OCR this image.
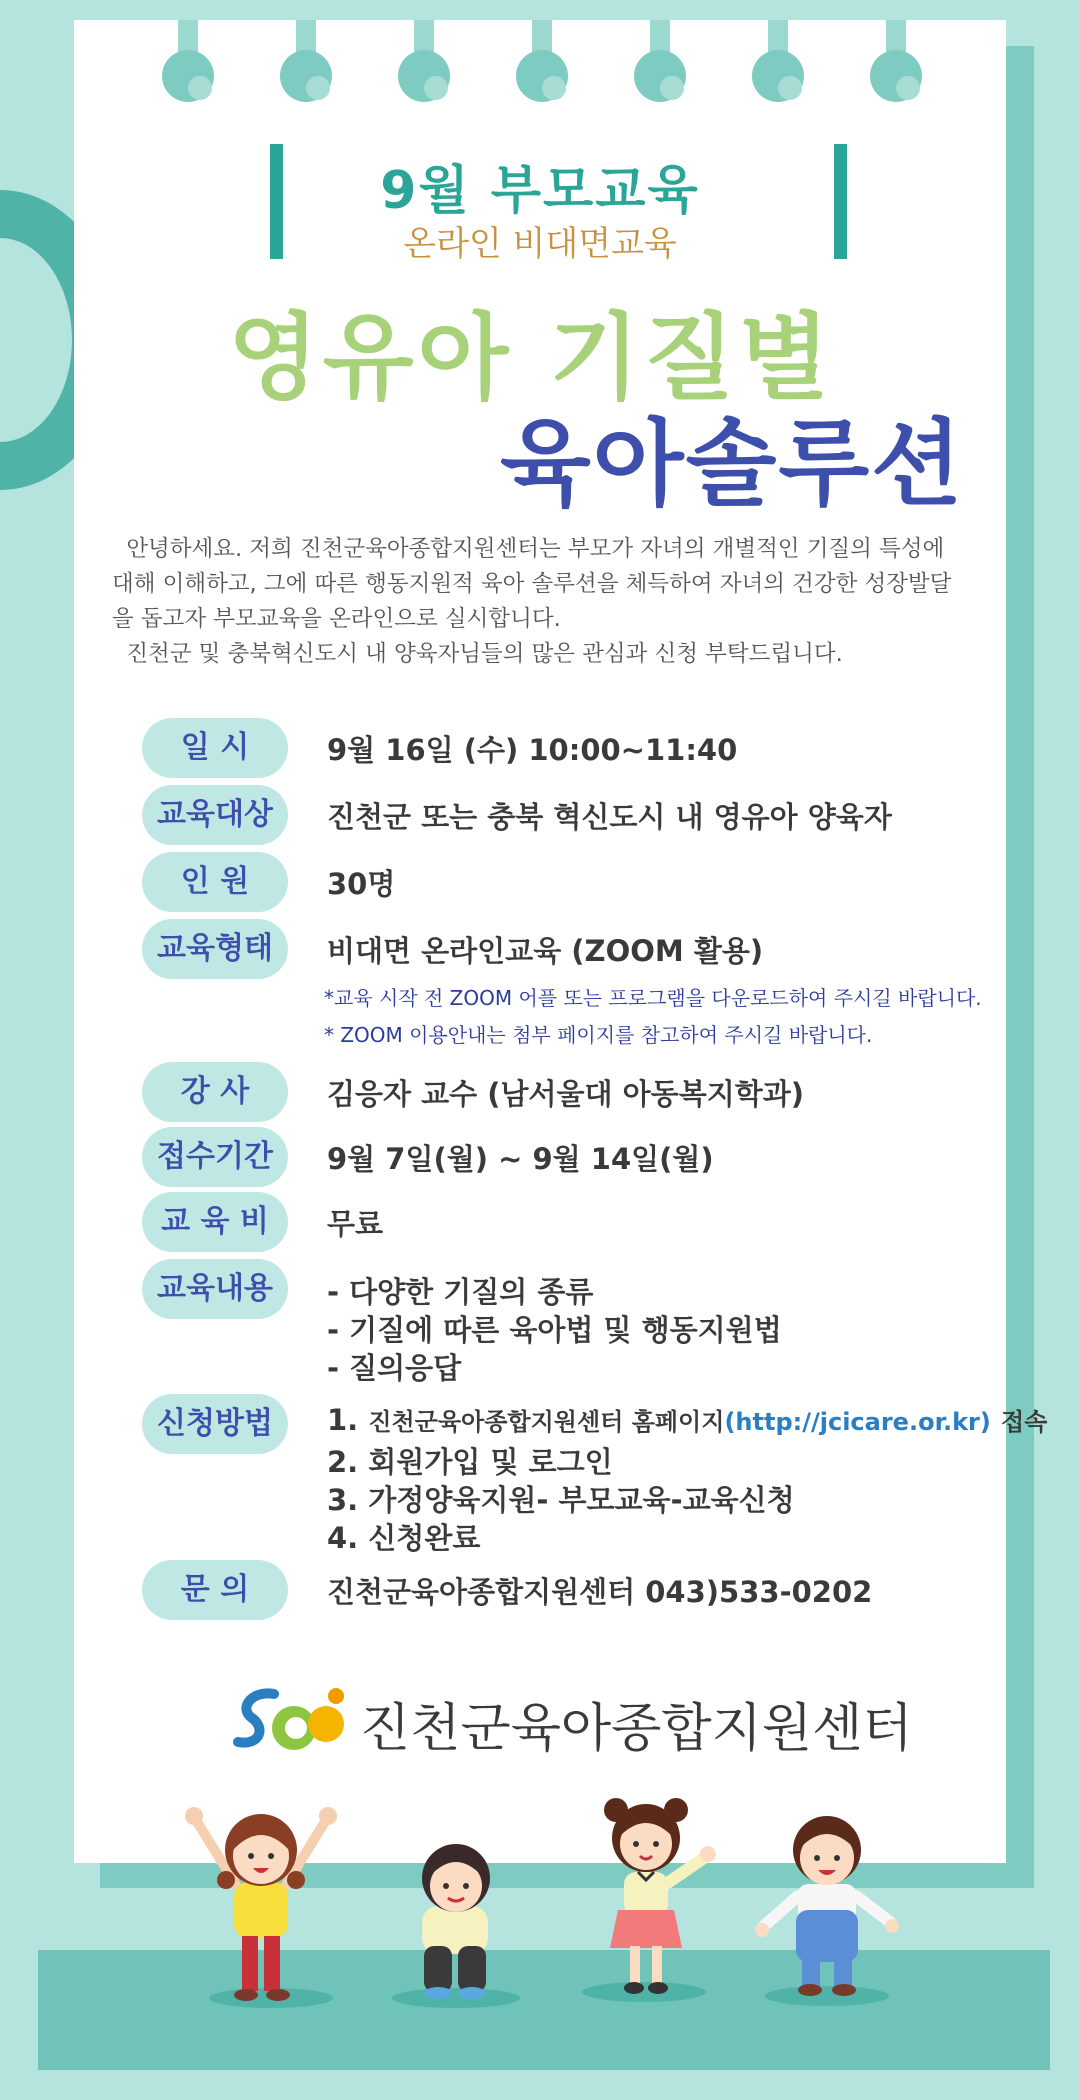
9월 부모교육
온라인 비대면교육
영유아 기질별
육아솔루션

안녕하세요. 저희 진천군육아종합지원센터는 부모가 자녀의 개별적인 기질의 특성에 대해 이해하고, 그에 따른 행동지원적 육아 솔루션을 체득하여 자녀의 건강한 성장발달을 돕고자 부모교육을 온라인으로 실시합니다.

진천군 및 충북혁신도시 내 양육자님들의 많은 관심과 신청 부탁드립니다.

일 시	9월 16일 (수) 10:00~11:40
교육대상	진천군 또는 충북 혁신도시 내 영유아 양육자
인 원	30명
교육형태	비대면 온라인교육 (ZOOM 활용)
*교육 시작 전 ZOOM 어플 또는 프로그램을 다운로드하여 주시길 바랍니다.
* ZOOM 이용안내는 첨부 페이지를 참고하여 주시길 바랍니다.
강 사	김응자 교수 (남서울대 아동복지학과)
접수기간	9월 7일(월) ~ 9월 14일(월)
교 육 비	무료
교육내용	- 다양한 기질의 종류
- 기질에 따른 육아법 및 행동지원법
- 질의응답
신청방법	1. 진천군육아종합지원센터 홈페이지(http://jcicare.or.kr) 접속
2. 회원가입 및 로그인
3. 가정양육지원- 부모교육-교육신청
4. 신청완료
문 의	진천군육아종합지원센터 043)533-0202
진천군육아종합지원센터
